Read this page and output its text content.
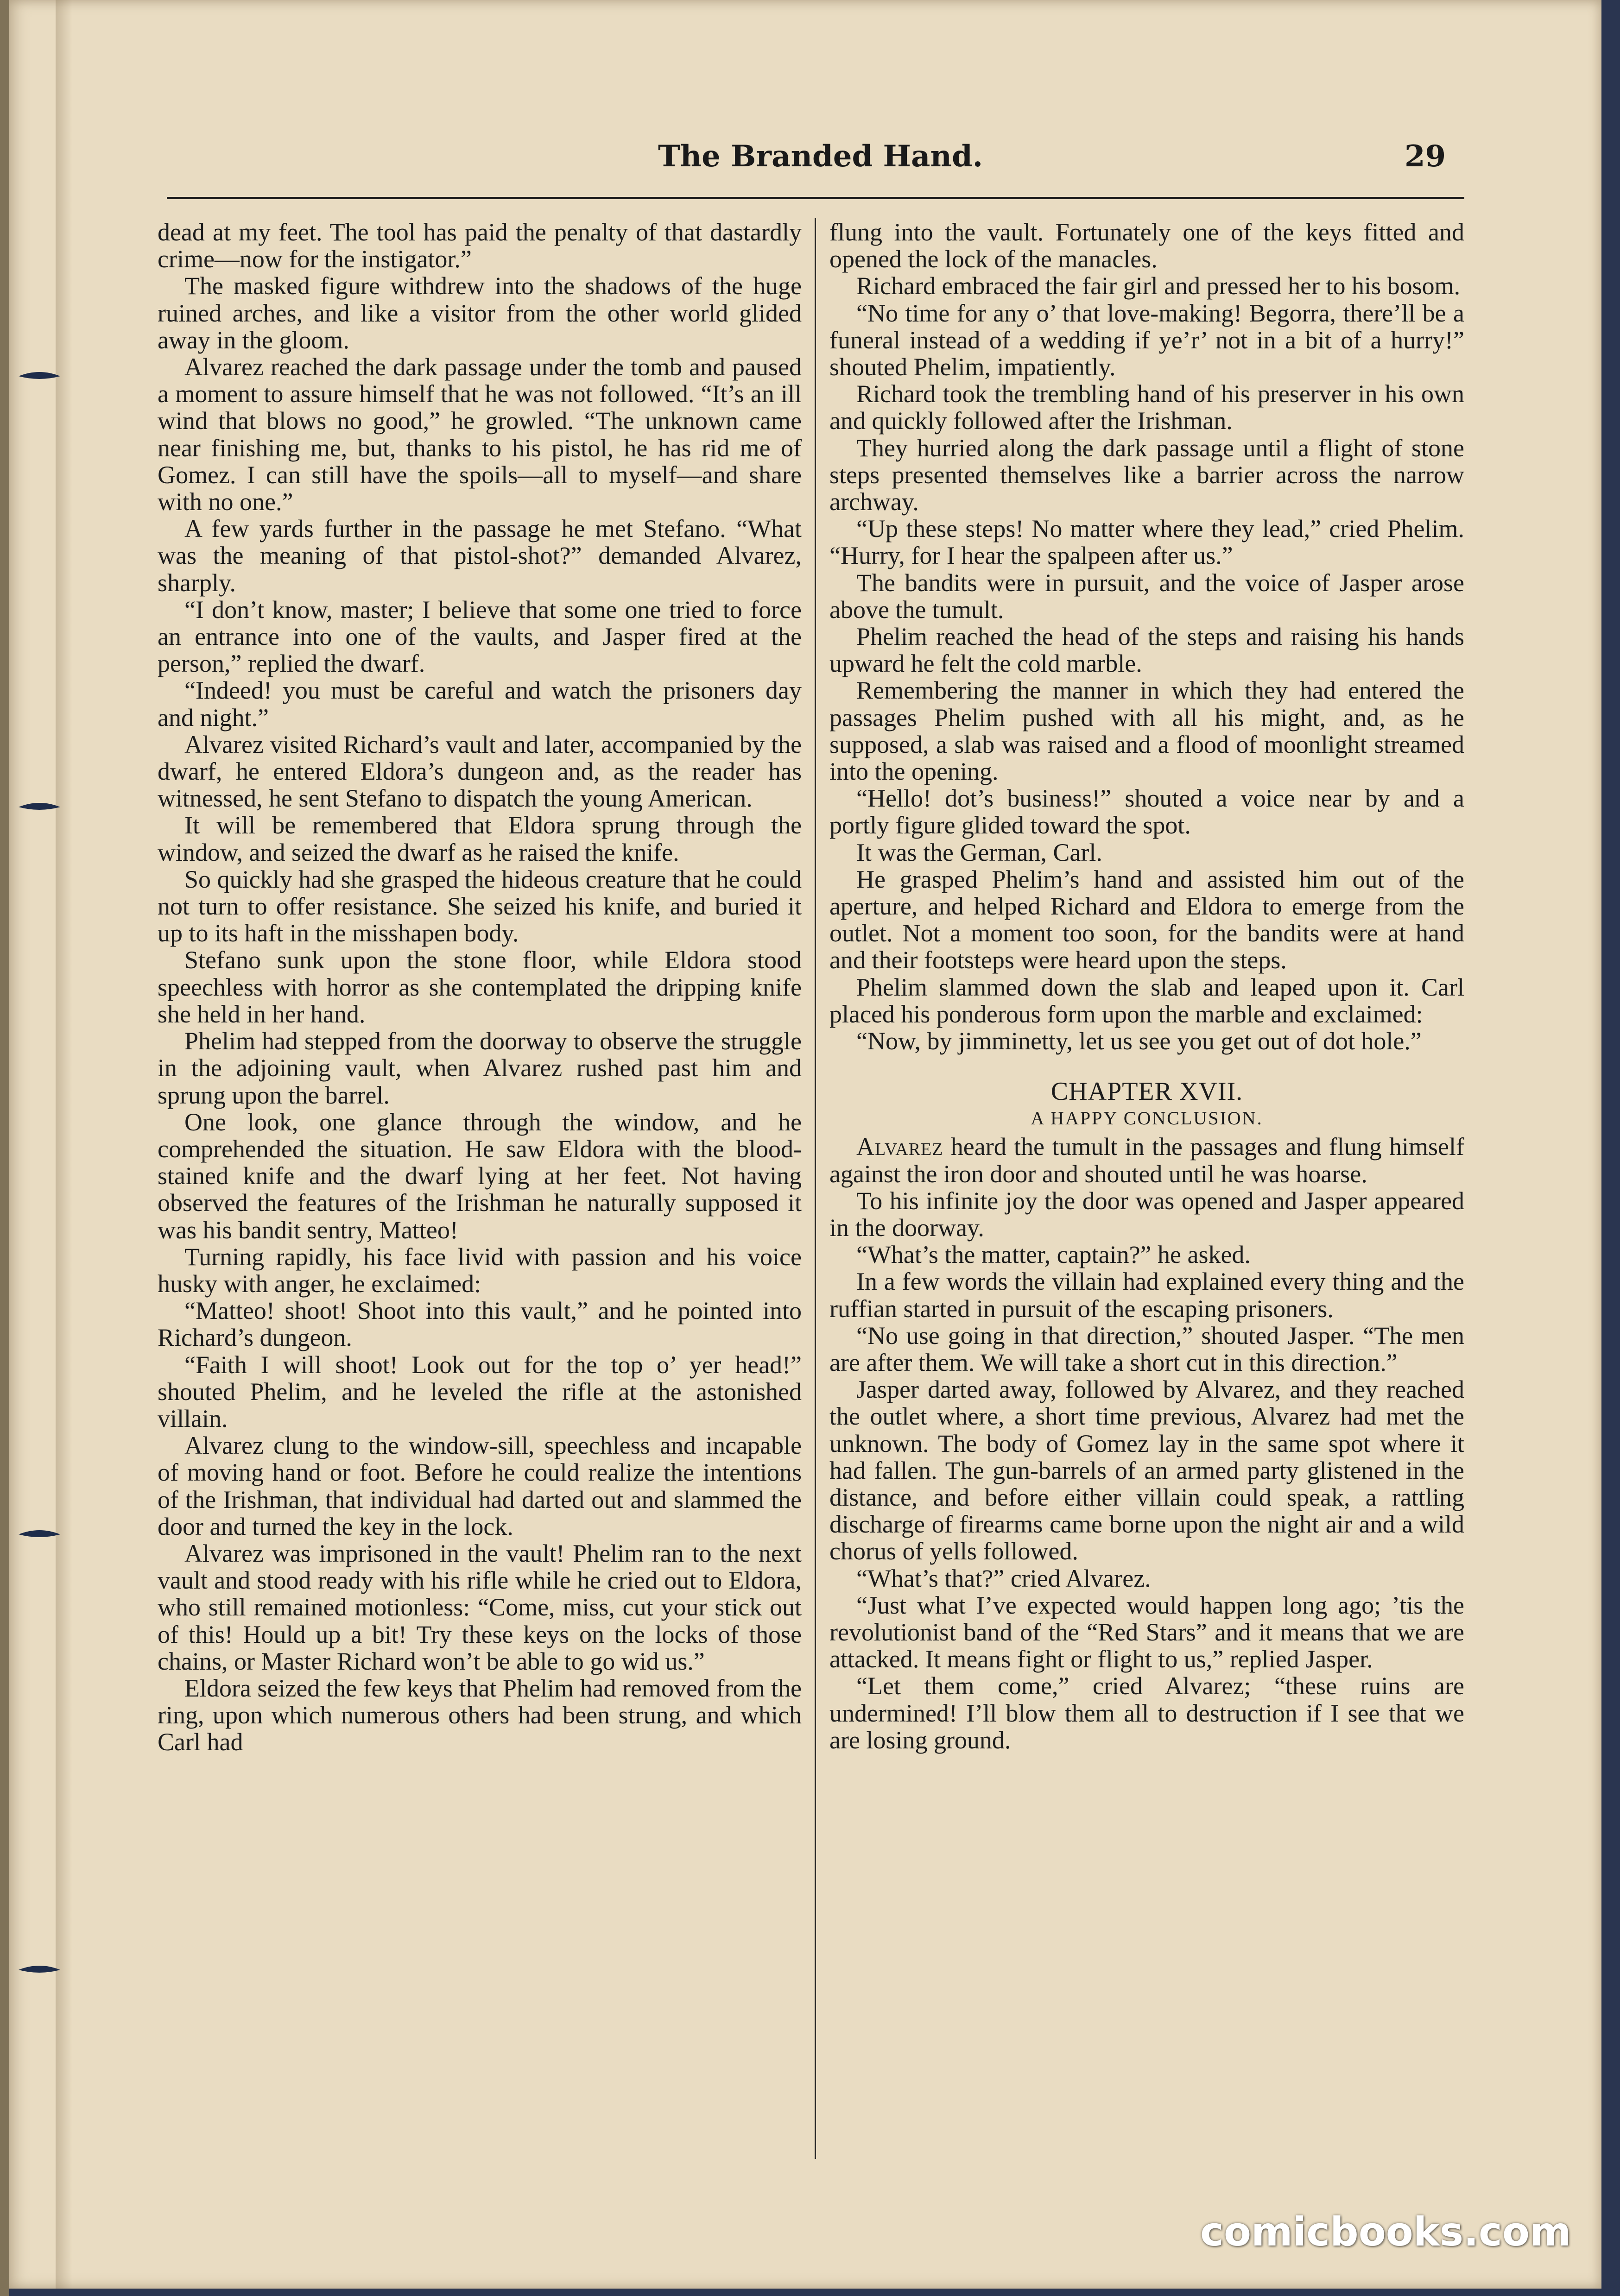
The Branded Hand.	29

dead at my feet. The tool has paid the penalty of that dastardly crime—now for the instigator.”

The masked figure withdrew into the shadows of the huge ruined arches, and like a visitor from the other world glided away in the gloom.

Alvarez reached the dark passage under the tomb and paused a moment to assure himself that he was not followed. “It’s an ill wind that blows no good,” he growled. “The unknown came near finishing me, but, thanks to his pistol, he has rid me of Gomez. I can still have the spoils—all to myself—and share with no one.”

A few yards further in the passage he met Stefano. “What was the meaning of that pistol-shot?” demanded Alvarez, sharply.

“I don’t know, master; I believe that some one tried to force an entrance into one of the vaults, and Jasper fired at the person,” replied the dwarf.

“Indeed! you must be careful and watch the prisoners day and night.”

Alvarez visited Richard’s vault and later, accompanied by the dwarf, he entered Eldora’s dungeon and, as the reader has witnessed, he sent Stefano to dispatch the young American.

It will be remembered that Eldora sprung through the window, and seized the dwarf as he raised the knife.

So quickly had she grasped the hideous creature that he could not turn to offer resistance. She seized his knife, and buried it up to its haft in the misshapen body.

Stefano sunk upon the stone floor, while Eldora stood speechless with horror as she contemplated the dripping knife she held in her hand.

Phelim had stepped from the doorway to observe the struggle in the adjoining vault, when Alvarez rushed past him and sprung upon the barrel.

One look, one glance through the window, and he comprehended the situation. He saw Eldora with the blood-stained knife and the dwarf lying at her feet. Not having observed the features of the Irishman he naturally supposed it was his bandit sentry, Matteo!

Turning rapidly, his face livid with passion and his voice husky with anger, he exclaimed:

“Matteo! shoot! Shoot into this vault,” and he pointed into Richard’s dungeon.

“Faith I will shoot! Look out for the top o’ yer head!” shouted Phelim, and he leveled the rifle at the astonished villain.

Alvarez clung to the window-sill, speechless and incapable of moving hand or foot. Before he could realize the intentions of the Irishman, that individual had darted out and slammed the door and turned the key in the lock.

Alvarez was imprisoned in the vault! Phelim ran to the next vault and stood ready with his rifle while he cried out to Eldora, who still remained motionless: “Come, miss, cut your stick out of this! Hould up a bit! Try these keys on the locks of those chains, or Master Richard won’t be able to go wid us.”

Eldora seized the few keys that Phelim had removed from the ring, upon which numerous others had been strung, and which Carl had

flung into the vault. Fortunately one of the keys fitted and opened the lock of the manacles.

Richard embraced the fair girl and pressed her to his bosom.

“No time for any o’ that love-making! Begorra, there’ll be a funeral instead of a wedding if ye’r’ not in a bit of a hurry!” shouted Phelim, impatiently.

Richard took the trembling hand of his preserver in his own and quickly followed after the Irishman.

They hurried along the dark passage until a flight of stone steps presented themselves like a barrier across the narrow archway.

“Up these steps! No matter where they lead,” cried Phelim. “Hurry, for I hear the spalpeen after us.”

The bandits were in pursuit, and the voice of Jasper arose above the tumult.

Phelim reached the head of the steps and raising his hands upward he felt the cold marble.

Remembering the manner in which they had entered the passages Phelim pushed with all his might, and, as he supposed, a slab was raised and a flood of moonlight streamed into the opening.

“Hello! dot’s business!” shouted a voice near by and a portly figure glided toward the spot.

It was the German, Carl.

He grasped Phelim’s hand and assisted him out of the aperture, and helped Richard and Eldora to emerge from the outlet. Not a moment too soon, for the bandits were at hand and their footsteps were heard upon the steps.

Phelim slammed down the slab and leaped upon it. Carl placed his ponderous form upon the marble and exclaimed:

“Now, by jimminetty, let us see you get out of dot hole.”

CHAPTER XVII.
A HAPPY CONCLUSION.

Alvarez heard the tumult in the passages and flung himself against the iron door and shouted until he was hoarse.

To his infinite joy the door was opened and Jasper appeared in the doorway.

“What’s the matter, captain?” he asked.

In a few words the villain had explained every thing and the ruffian started in pursuit of the escaping prisoners.

“No use going in that direction,” shouted Jasper. “The men are after them. We will take a short cut in this direction.”

Jasper darted away, followed by Alvarez, and they reached the outlet where, a short time previous, Alvarez had met the unknown. The body of Gomez lay in the same spot where it had fallen. The gun-barrels of an armed party glistened in the distance, and before either villain could speak, a rattling discharge of firearms came borne upon the night air and a wild chorus of yells followed.

“What’s that?” cried Alvarez.

“Just what I’ve expected would happen long ago; ’tis the revolutionist band of the “Red Stars” and it means that we are attacked. It means fight or flight to us,” replied Jasper.

“Let them come,” cried Alvarez; “these ruins are undermined! I’ll blow them all to destruction if I see that we are losing ground.

comicbooks.com
